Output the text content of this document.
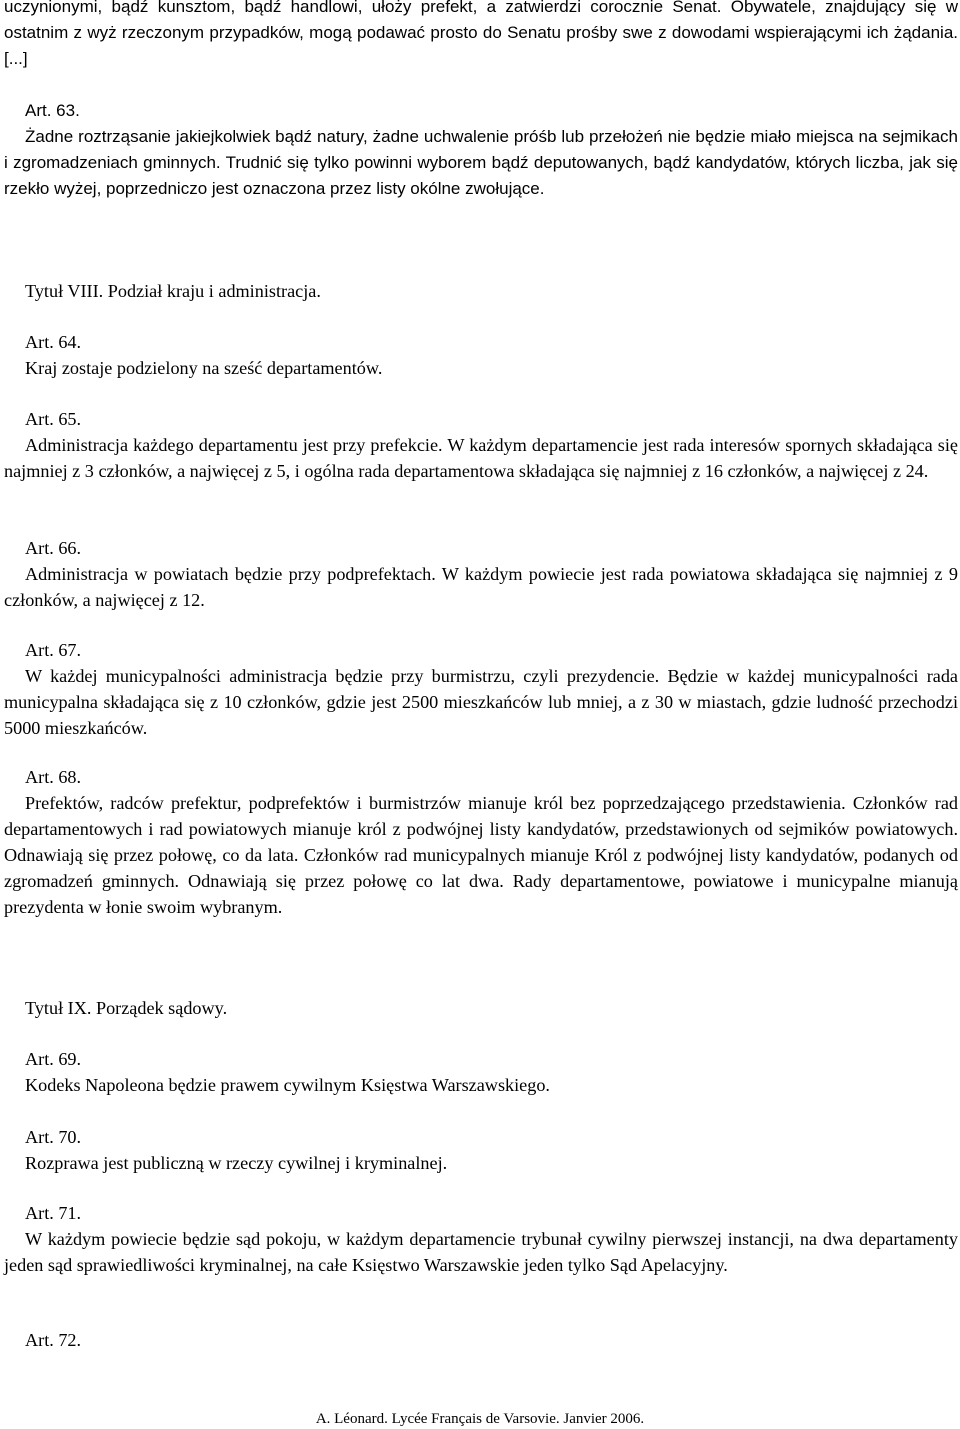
uczynionymi, bądź kunsztom, bądź handlowi, ułoży prefekt, a zatwierdzi corocznie Senat. Obywatele, znajdujący się w ostatnim z wyż rzeczonym przypadków, mogą podawać prosto do Senatu prośby swe z dowodami wspierającymi ich żądania. [...]

Art. 63.

Żadne roztrząsanie jakiejkolwiek bądź natury, żadne uchwalenie próśb lub przełożeń nie będzie miało miejsca na sejmikach i zgromadzeniach gminnych. Trudnić się tylko powinni wyborem bądź deputowanych, bądź kandydatów, których liczba, jak się rzekło wyżej, poprzedniczo jest oznaczona przez listy okólne zwołujące.

Tytuł VIII. Podział kraju i administracja.

Art. 64.

Kraj zostaje podzielony na sześć departamentów.

Art. 65.

Administracja każdego departamentu jest przy prefekcie. W każdym departamencie jest rada interesów spornych składająca się najmniej z 3 członków, a najwięcej z 5, i ogólna rada departamentowa składająca się najmniej z 16 członków, a najwięcej z 24.

Art. 66.

Administracja w powiatach będzie przy podprefektach. W każdym powiecie jest rada powiatowa składająca się najmniej z 9 członków, a najwięcej z 12.

Art. 67.

W każdej municypalności administracja będzie przy burmistrzu, czyli prezydencie. Będzie w każdej municypalności rada municypalna składająca się z 10 członków, gdzie jest 2500 mieszkańców lub mniej, a z 30 w miastach, gdzie ludność przechodzi 5000 mieszkańców.

Art. 68.

Prefektów, radców prefektur, podprefektów i burmistrzów mianuje król bez poprzedzającego przedstawienia. Członków rad departamentowych i rad powiatowych mianuje król z podwójnej listy kandydatów, przedstawionych od sejmików powiatowych. Odnawiają się przez połowę, co da lata. Członków rad municypalnych mianuje Król z podwójnej listy kandydatów, podanych od zgromadzeń gminnych. Odnawiają się przez połowę co lat dwa. Rady departamentowe, powiatowe i municypalne mianują prezydenta w łonie swoim wybranym.

Tytuł IX. Porządek sądowy.

Art. 69.

Kodeks Napoleona będzie prawem cywilnym Księstwa Warszawskiego.

Art. 70.

Rozprawa jest publiczną w rzeczy cywilnej i kryminalnej.

Art. 71.

W każdym powiecie będzie sąd pokoju, w każdym departamencie trybunał cywilny pierwszej instancji, na dwa departamenty jeden sąd sprawiedliwości kryminalnej, na całe Księstwo Warszawskie jeden tylko Sąd Apelacyjny.

Art. 72.

A. Léonard. Lycée Français de Varsovie. Janvier 2006.
